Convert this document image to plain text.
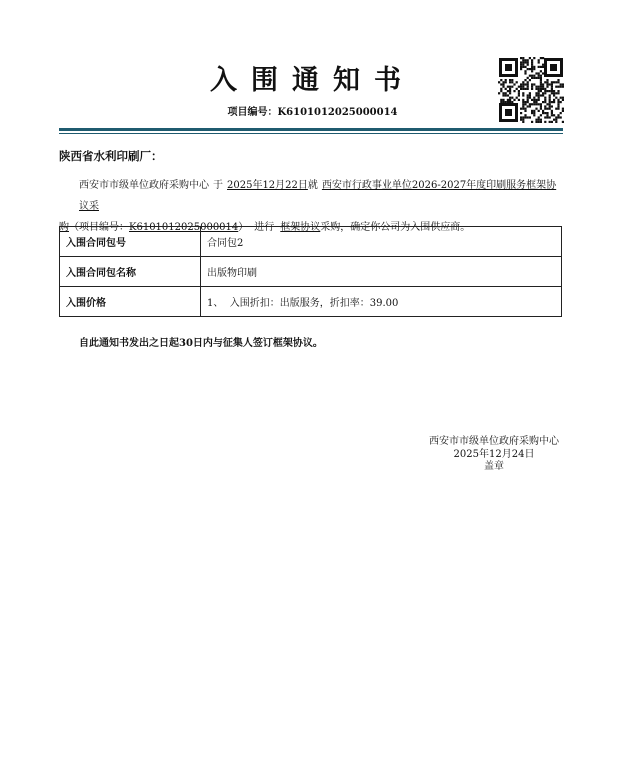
入围通知书
项目编号：K6101012025000014
陕西省水利印刷厂：
西安市市级单位政府采购中心 于 2025年12月22日就 西安市行政事业单位2026-2027年度印刷服务框架协议采
购（项目编号：K6101012025000014） 进行 框架协议采购，确定你公司为入围供应商。
入围合同包号	合同包2
入围合同包名称	出版物印刷
入围价格	1、  入围折扣：出版服务，折扣率：39.00
自此通知书发出之日起30日内与征集人签订框架协议。
西安市市级单位政府采购中心
2025年12月24日
盖章
